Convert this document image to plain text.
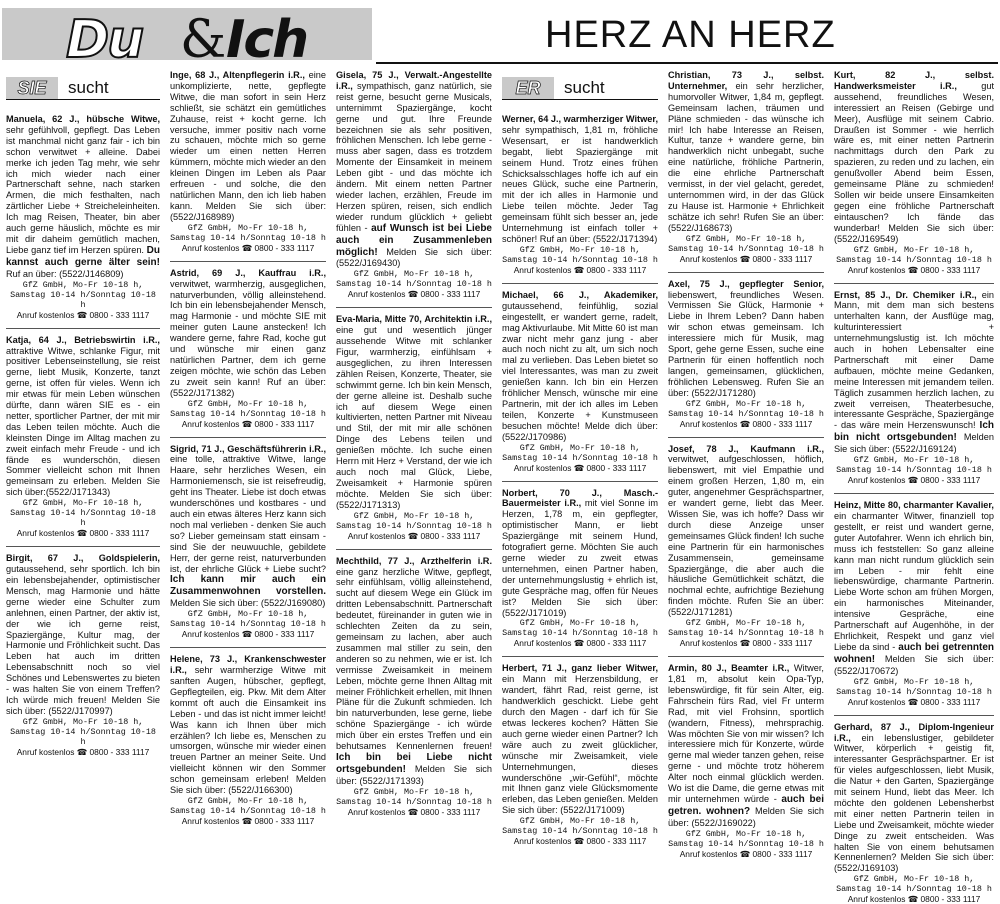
Du & Ich	HERZ AN HERZ
SIE	sucht

Manuela, 62 J., hübsche Witwe, sehr gefühlvoll, gepflegt. Das Leben ist manchmal nicht ganz fair - ich bin schon verwitwet + alleine. Dabei merke ich jeden Tag mehr, wie sehr ich mich wieder nach einer Partnerschaft sehne, nach starken Armen, die mich festhalten, nach zärtlicher Liebe + Streicheleinheiten. Ich mag Reisen, Theater, bin aber auch gerne häuslich, möchte es mir mit dir daheim gemütlich machen, Liebe ganz tief im Herzen spüren. Du kannst auch gerne älter sein! Ruf an über: (5522/J146809)

GfZ GmbH, Mo-Fr 10-18 h,
Samstag 10-14 h/Sonntag 10-18 h
Anruf kostenlos ☎ 0800 - 333 1117

Katja, 64 J., Betriebswirtin i.R., attraktive Witwe, schlanke Figur, mit positiver Lebenseinstellung, sie reist gerne, liebt Musik, Konzerte, tanzt gerne, ist offen für vieles. Wenn ich mir etwas für mein Leben wünschen dürfte, dann wären SIE es - ein netter, sportlicher Partner, der mit mir das Leben teilen möchte. Auch die kleinsten Dinge im Alltag machen zu zweit einfach mehr Freude - und ich fände es wunderschön, diesen Sommer vielleicht schon mit Ihnen gemeinsam zu erleben. Melden Sie sich über:(5522/J171343)

GfZ GmbH, Mo-Fr 10-18 h,
Samstag 10-14 h/Sonntag 10-18 h
Anruf kostenlos ☎ 0800 - 333 1117

Birgit, 67 J., Goldspielerin, gutaussehend, sehr sportlich. Ich bin ein lebensbejahender, optimistischer Mensch, mag Harmonie und hätte gerne wieder eine Schulter zum anlehnen, einen Partner, der aktiv ist, der wie ich gerne reist, Spaziergänge, Kultur mag, der Harmonie und Fröhlichkeit sucht. Das Leben hat auch im dritten Lebensabschnitt noch so viel Schönes und Lebenswertes zu bieten - was halten Sie von einem Treffen? Ich würde mich freuen! Melden Sie sich über: (5522/J170997)

GfZ GmbH, Mo-Fr 10-18 h,
Samstag 10-14 h/Sonntag 10-18 h
Anruf kostenlos ☎ 0800 - 333 1117

Inge, 68 J., Altenpflegerin i.R., eine unkomplizierte, nette, gepflegte Witwe, die man sofort in sein Herz schließt, sie schätzt ein gemütliches Zuhause, reist + kocht gerne. Ich versuche, immer positiv nach vorne zu schauen, möchte mich so gerne wieder um einen netten Herren kümmern, möchte mich wieder an den kleinen Dingen im Leben als Paar erfreuen - und solche, die den natürlichen Mann, den ich lieb haben kann. Melden Sie sich über: (5522/J168989)

GfZ GmbH, Mo-Fr 10-18 h,
Samstag 10-14 h/Sonntag 10-18 h
Anruf kostenlos ☎ 0800 - 333 1117

Astrid, 69 J., Kauffrau i.R., verwitwet, warmherzig, ausgeglichen, naturverbunden, völlig alleinstehend. Ich bin ein lebensbejahender Mensch, mag Harmonie - und möchte SIE mit meiner guten Laune anstecken! Ich wandere gerne, fahre Rad, koche gut und wünsche mir einen ganz natürlichen Partner, dem ich gerne zeigen möchte, wie schön das Leben zu zweit sein kann! Ruf an über: (5522/J171382)

GfZ GmbH, Mo-Fr 10-18 h,
Samstag 10-14 h/Sonntag 10-18 h
Anruf kostenlos ☎ 0800 - 333 1117

Sigrid, 71 J., Geschäftsführerin i.R., eine tolle, attraktive Witwe, lange Haare, sehr herzliches Wesen, ein Harmoniemensch, sie ist reisefreudig, geht ins Theater. Liebe ist doch etwas wunderschönes und kostbares - und auch ein etwas älteres Herz kann sich noch mal verlieben - denken Sie auch so? Lieber gemeinsam statt einsam - sind Sie der neuwuuchle, gebildete Herr, der gerne reist, naturverbunden ist, der ehrliche Glück + Liebe sucht? Ich kann mir auch ein Zusammenwohnen vorstellen. Melden Sie sich über: (5522/J169080)

GfZ GmbH, Mo-Fr 10-18 h,
Samstag 10-14 h/Sonntag 10-18 h
Anruf kostenlos ☎ 0800 - 333 1117

Helene, 73 J., Krankenschwester i.R., sehr warmherzige Witwe mit sanften Augen, hübscher, gepflegt, Gepflegteilen, eig. Pkw. Mit dem Alter kommt oft auch die Einsamkeit ins Leben - und das ist nicht immer leicht! Was kann ich Ihnen über mich erzählen? Ich liebe es, Menschen zu umsorgen, wünsche mir wieder einen treuen Partner an meiner Seite. Und vielleicht können wir den Sommer schon gemeinsam erleben! Melden Sie sich über: (5522/J166300)

GfZ GmbH, Mo-Fr 10-18 h,
Samstag 10-14 h/Sonntag 10-18 h
Anruf kostenlos ☎ 0800 - 333 1117

Gisela, 75 J., Verwalt.-Angestellte i.R., sympathisch, ganz natürlich, sie reist gerne, besucht gerne Musicals, unternimmt Spaziergänge, kocht gerne und gut. Ihre Freunde bezeichnen sie als sehr positiven, fröhlichen Menschen. Ich lebe gerne - muss aber sagen, dass es trotzdem Momente der Einsamkeit in meinem Leben gibt - und das möchte ich ändern. Mit einem netten Partner wieder lachen, erzählen, Freude im Herzen spüren, reisen, sich endlich wieder rundum glücklich + geliebt fühlen - auf Wunsch ist bei Liebe auch ein Zusammenleben möglich! Melden Sie sich über: (5522/J169430)

GfZ GmbH, Mo-Fr 10-18 h,
Samstag 10-14 h/Sonntag 10-18 h
Anruf kostenlos ☎ 0800 - 333 1117

Eva-Maria, Mitte 70, Architektin i.R., eine gut und wesentlich jünger aussehende Witwe mit schlanker Figur, warmherzig, einfühlsam + ausgeglichen, zu ihren Interessen zählen Reisen, Konzerte, Theater, sie schwimmt gerne. Ich bin kein Mensch, der gerne alleine ist. Deshalb suche ich auf diesem Wege einen kultivierten, netten Partner mit Niveau und Stil, der mit mir alle schönen Dinge des Lebens teilen und genießen möchte. Ich suche einen Herrn mit Herz + Verstand, der wie ich auch noch mal Glück, Liebe, Zweisamkeit + Harmonie spüren möchte. Melden Sie sich über: (5522/J171313)

GfZ GmbH, Mo-Fr 10-18 h,
Samstag 10-14 h/Sonntag 10-18 h
Anruf kostenlos ☎ 0800 - 333 1117

Mechthild, 77 J., Arzthelferin i.R. eine ganz herzliche Witwe, gepflegt, sehr einfühlsam, völlig alleinstehend, sucht auf diesem Wege ein Glück im dritten Lebensabschnitt. Partnerschaft bedeutet, füreinander in guten wie in schlechten Zeiten da zu sein, gemeinsam zu lachen, aber auch zusammen mal stiller zu sein, den anderen so zu nehmen, wie er ist. Ich vermisse Zweisamkeit in meinem Leben, möchte gerne Ihnen Alltag mit meiner Fröhlichkeit erhellen, mit Ihnen Pläne für die Zukunft schmieden. Ich bin naturverbunden, lese gerne, liebe schöne Spaziergänge - ich würde mich über ein erstes Treffen und ein behutsames Kennenlernen freuen! Ich bin bei Liebe nicht ortsgebunden! Melden Sie sich über: (5522/J171393)

GfZ GmbH, Mo-Fr 10-18 h,
Samstag 10-14 h/Sonntag 10-18 h
Anruf kostenlos ☎ 0800 - 333 1117
ER	sucht

Werner, 64 J., warmherziger Witwer, sehr sympathisch, 1,81 m, fröhliche Wesensart, er ist handwerklich begabt, liebt Spaziergänge mit seinem Hund. Trotz eines frühen Schicksalsschlages hoffe ich auf ein neues Glück, suche eine Partnerin, mit der ich alles in Harmonie und Liebe teilen möchte. Jeder Tag gemeinsam fühlt sich besser an, jede Unternehmung ist einfach toller + schöner! Ruf an über: (5522/J171394)

GfZ GmbH, Mo-Fr 10-18 h,
Samstag 10-14 h/Sonntag 10-18 h
Anruf kostenlos ☎ 0800 - 333 1117

Michael, 66 J., Akademiker, gutaussehend, feinfühlig, sozial eingestellt, er wandert gerne, radelt, mag Aktivurlaube. Mit Mitte 60 ist man zwar nicht mehr ganz jung - aber auch noch nicht zu alt, um sich noch mal zu verlieben. Das Leben bietet so viel Interessantes, was man zu zweit genießen kann. Ich bin ein Herzen fröhlicher Mensch, wünsche mir eine Partnerin, mit der ich alles im Leben teilen, Konzerte + Kunstmuseen besuchen möchte! Melde dich über: (5522/J170986)

GfZ GmbH, Mo-Fr 10-18 h,
Samstag 10-14 h/Sonntag 10-18 h
Anruf kostenlos ☎ 0800 - 333 1117

Norbert, 70 J., Masch.-Bauermeister i.R., mit viel Sonne im Herzen, 1,78 m, ein gepflegter, optimistischer Mann, er liebt Spaziergänge mit seinem Hund, fotografiert gerne. Möchten Sie auch gerne wieder zu zweit etwas unternehmen, einen Partner haben, der unternehmungslustig + ehrlich ist, gute Gespräche mag, offen für Neues ist? Melden Sie sich über: (5522/J171019)

GfZ GmbH, Mo-Fr 10-18 h,
Samstag 10-14 h/Sonntag 10-18 h
Anruf kostenlos ☎ 0800 - 333 1117

Herbert, 71 J., ganz lieber Witwer, ein Mann mit Herzensbildung, er wandert, fährt Rad, reist gerne, ist handwerklich geschickt. Liebe geht durch den Magen - darf ich für Sie etwas leckeres kochen? Hätten Sie auch gerne wieder einen Partner? Ich wäre auch zu zweit glücklicher, wünsche mir Zweisamkeit, viele Unternehmungen, dieses wunderschöne „wir-Gefühl“, möchte mit Ihnen ganz viele Glücksmomente erleben, das Leben genießen. Melden Sie sich über: (5522/J171009)

GfZ GmbH, Mo-Fr 10-18 h,
Samstag 10-14 h/Sonntag 10-18 h
Anruf kostenlos ☎ 0800 - 333 1117

Christian, 73 J., selbst. Unternehmer, ein sehr herzlicher, humorvoller Witwer, 1,84 m, gepflegt. Gemeinsam lachen, träumen und Pläne schmieden - das wünsche ich mir! Ich habe Interesse an Reisen, Kultur, tanze + wandere gerne, bin handwerklich nicht unbegabt, suche eine natürliche, fröhliche Partnerin, die eine ehrliche Partnerschaft vermisst, in der viel gelacht, geredet, unternommen wird, in der das Glück zu Hause ist. Harmonie + Ehrlichkeit schätze ich sehr! Rufen Sie an über: (5522/J168673)

GfZ GmbH, Mo-Fr 10-18 h,
Samstag 10-14 h/Sonntag 10-18 h
Anruf kostenlos ☎ 0800 - 333 1117

Axel, 75 J., gepflegter Senior, liebenswert, freundliches Wesen. Vermissen Sie Glück, Harmonie + Liebe in Ihrem Leben? Dann haben wir schon etwas gemeinsam. Ich interessiere mich für Musik, mag Sport, gehe gerne Essen, suche eine Partnerin für einen hoffentlich noch langen, gemeinsamen, glücklichen, fröhlichen Lebensweg. Rufen Sie an über: (5522/J171280)

GfZ GmbH, Mo-Fr 10-18 h,
Samstag 10-14 h/Sonntag 10-18 h
Anruf kostenlos ☎ 0800 - 333 1117

Josef, 78 J., Kaufmann i.R., verwitwet, aufgeschlossen, höflich, liebenswert, mit viel Empathie und einem großen Herzen, 1,80 m, ein guter, angenehmer Gesprächspartner, er wandert gerne, liebt das Meer. Wissen Sie, was ich hoffe? Dass wir durch diese Anzeige unser gemeinsames Glück finden! Ich suche eine Partnerin für ein harmonisches Zusammensein, gemeinsame Spaziergänge, die aber auch die häusliche Gemütlichkeit schätzt, die nochmal echte, aufrichtige Beziehung finden möchte. Rufen Sie an über: (5522/J171281)

GfZ GmbH, Mo-Fr 10-18 h,
Samstag 10-14 h/Sonntag 10-18 h
Anruf kostenlos ☎ 0800 - 333 1117

Armin, 80 J., Beamter i.R., Witwer, 1,81 m, absolut kein Opa-Typ, lebenswürdige, fit für sein Alter, eig. Fahrschein fürs Rad, viel Fr unterm Rad, mit viel Frohsinn, sportlich (wandern, Fitness), mehrsprachig. Was möchten Sie von mir wissen? Ich interessiere mich für Konzerte, würde gerne mal wieder tanzen gehen, reise gerne - und möchte trotz höherem Alter noch einmal glücklich werden. Wo ist die Dame, die gerne etwas mit mir unternehmen würde - auch bei getren. wohnen? Melden Sie sich über: (5522/J169022)

GfZ GmbH, Mo-Fr 10-18 h,
Samstag 10-14 h/Sonntag 10-18 h
Anruf kostenlos ☎ 0800 - 333 1117

Kurt, 82 J., selbst. Handwerksmeister i.R., gut aussehend, freundliches Wesen, interessiert an Reisen (Gebirge und Meer), Ausflüge mit seinem Cabrio. Draußen ist Sommer - wie herrlich wäre es, mit einer netten Partnerin nachmittags durch den Park zu spazieren, zu reden und zu lachen, ein genußvoller Abend beim Essen, gemeinsame Pläne zu schmieden! Sollen wir beide unsere Einsamkeiten gegen eine fröhliche Partnerschaft eintauschen? Ich fände das wunderbar! Melden Sie sich über: (5522/J169549)

GfZ GmbH, Mo-Fr 10-18 h,
Samstag 10-14 h/Sonntag 10-18 h
Anruf kostenlos ☎ 0800 - 333 1117

Ernst, 85 J., Dr. Chemiker i.R., ein Mann, mit dem man sich bestens unterhalten kann, der Ausflüge mag, kulturinteressiert + unternehmungslustig ist. Ich möchte auch in hohen Lebensalter eine Partnerschaft mit einer Dame aufbauen, möchte meine Gedanken, meine Interessen mit jemandem teilen. Täglich zusammen herzlich lachen, zu zweit verreisen, Theaterbesuche, interessante Gespräche, Spaziergänge - das wäre mein Herzenswunsch! Ich bin nicht ortsgebunden! Melden Sie sich über: (5522/J169124)

GfZ GmbH, Mo-Fr 10-18 h,
Samstag 10-14 h/Sonntag 10-18 h
Anruf kostenlos ☎ 0800 - 333 1117

Heinz, Mitte 80, charmanter Kavalier, ein charmanter Witwer, finanziell top gestellt, er reist und wandert gerne, guter Autofahrer. Wenn ich ehrlich bin, muss ich feststellen: So ganz alleine kann man nicht rundum glücklich sein im Leben - mir fehlt eine liebenswürdige, charmante Partnerin. Liebe Worte schon am frühen Morgen, ein harmonisches Miteinander, intensive Gespräche, eine Partnerschaft auf Augenhöhe, in der Ehrlichkeit, Respekt und ganz viel Liebe da sind - auch bei getrennten wohnen! Melden Sie sich über: (5522/J170672)

GfZ GmbH, Mo-Fr 10-18 h,
Samstag 10-14 h/Sonntag 10-18 h
Anruf kostenlos ☎ 0800 - 333 1117

Gerhard, 87 J., Diplom-Ingenieur i.R., ein lebenslustiger, gebildeter Witwer, körperlich + geistig fit, interessanter Gesprächspartner. Er ist für vieles aufgeschlossen, liebt Musik, die Natur + den Garten, Spaziergänge mit seinem Hund, liebt das Meer. Ich möchte den goldenen Lebensherbst mit einer netten Partnerin teilen in Liebe und Zweisamkeit, möchte wieder Dinge zu zweit entscheiden. Was halten Sie von einem behutsamen Kennenlernen? Melden Sie sich über: (5522/J169103)

GfZ GmbH, Mo-Fr 10-18 h,
Samstag 10-14 h/Sonntag 10-18 h
Anruf kostenlos ☎ 0800 - 333 1117
